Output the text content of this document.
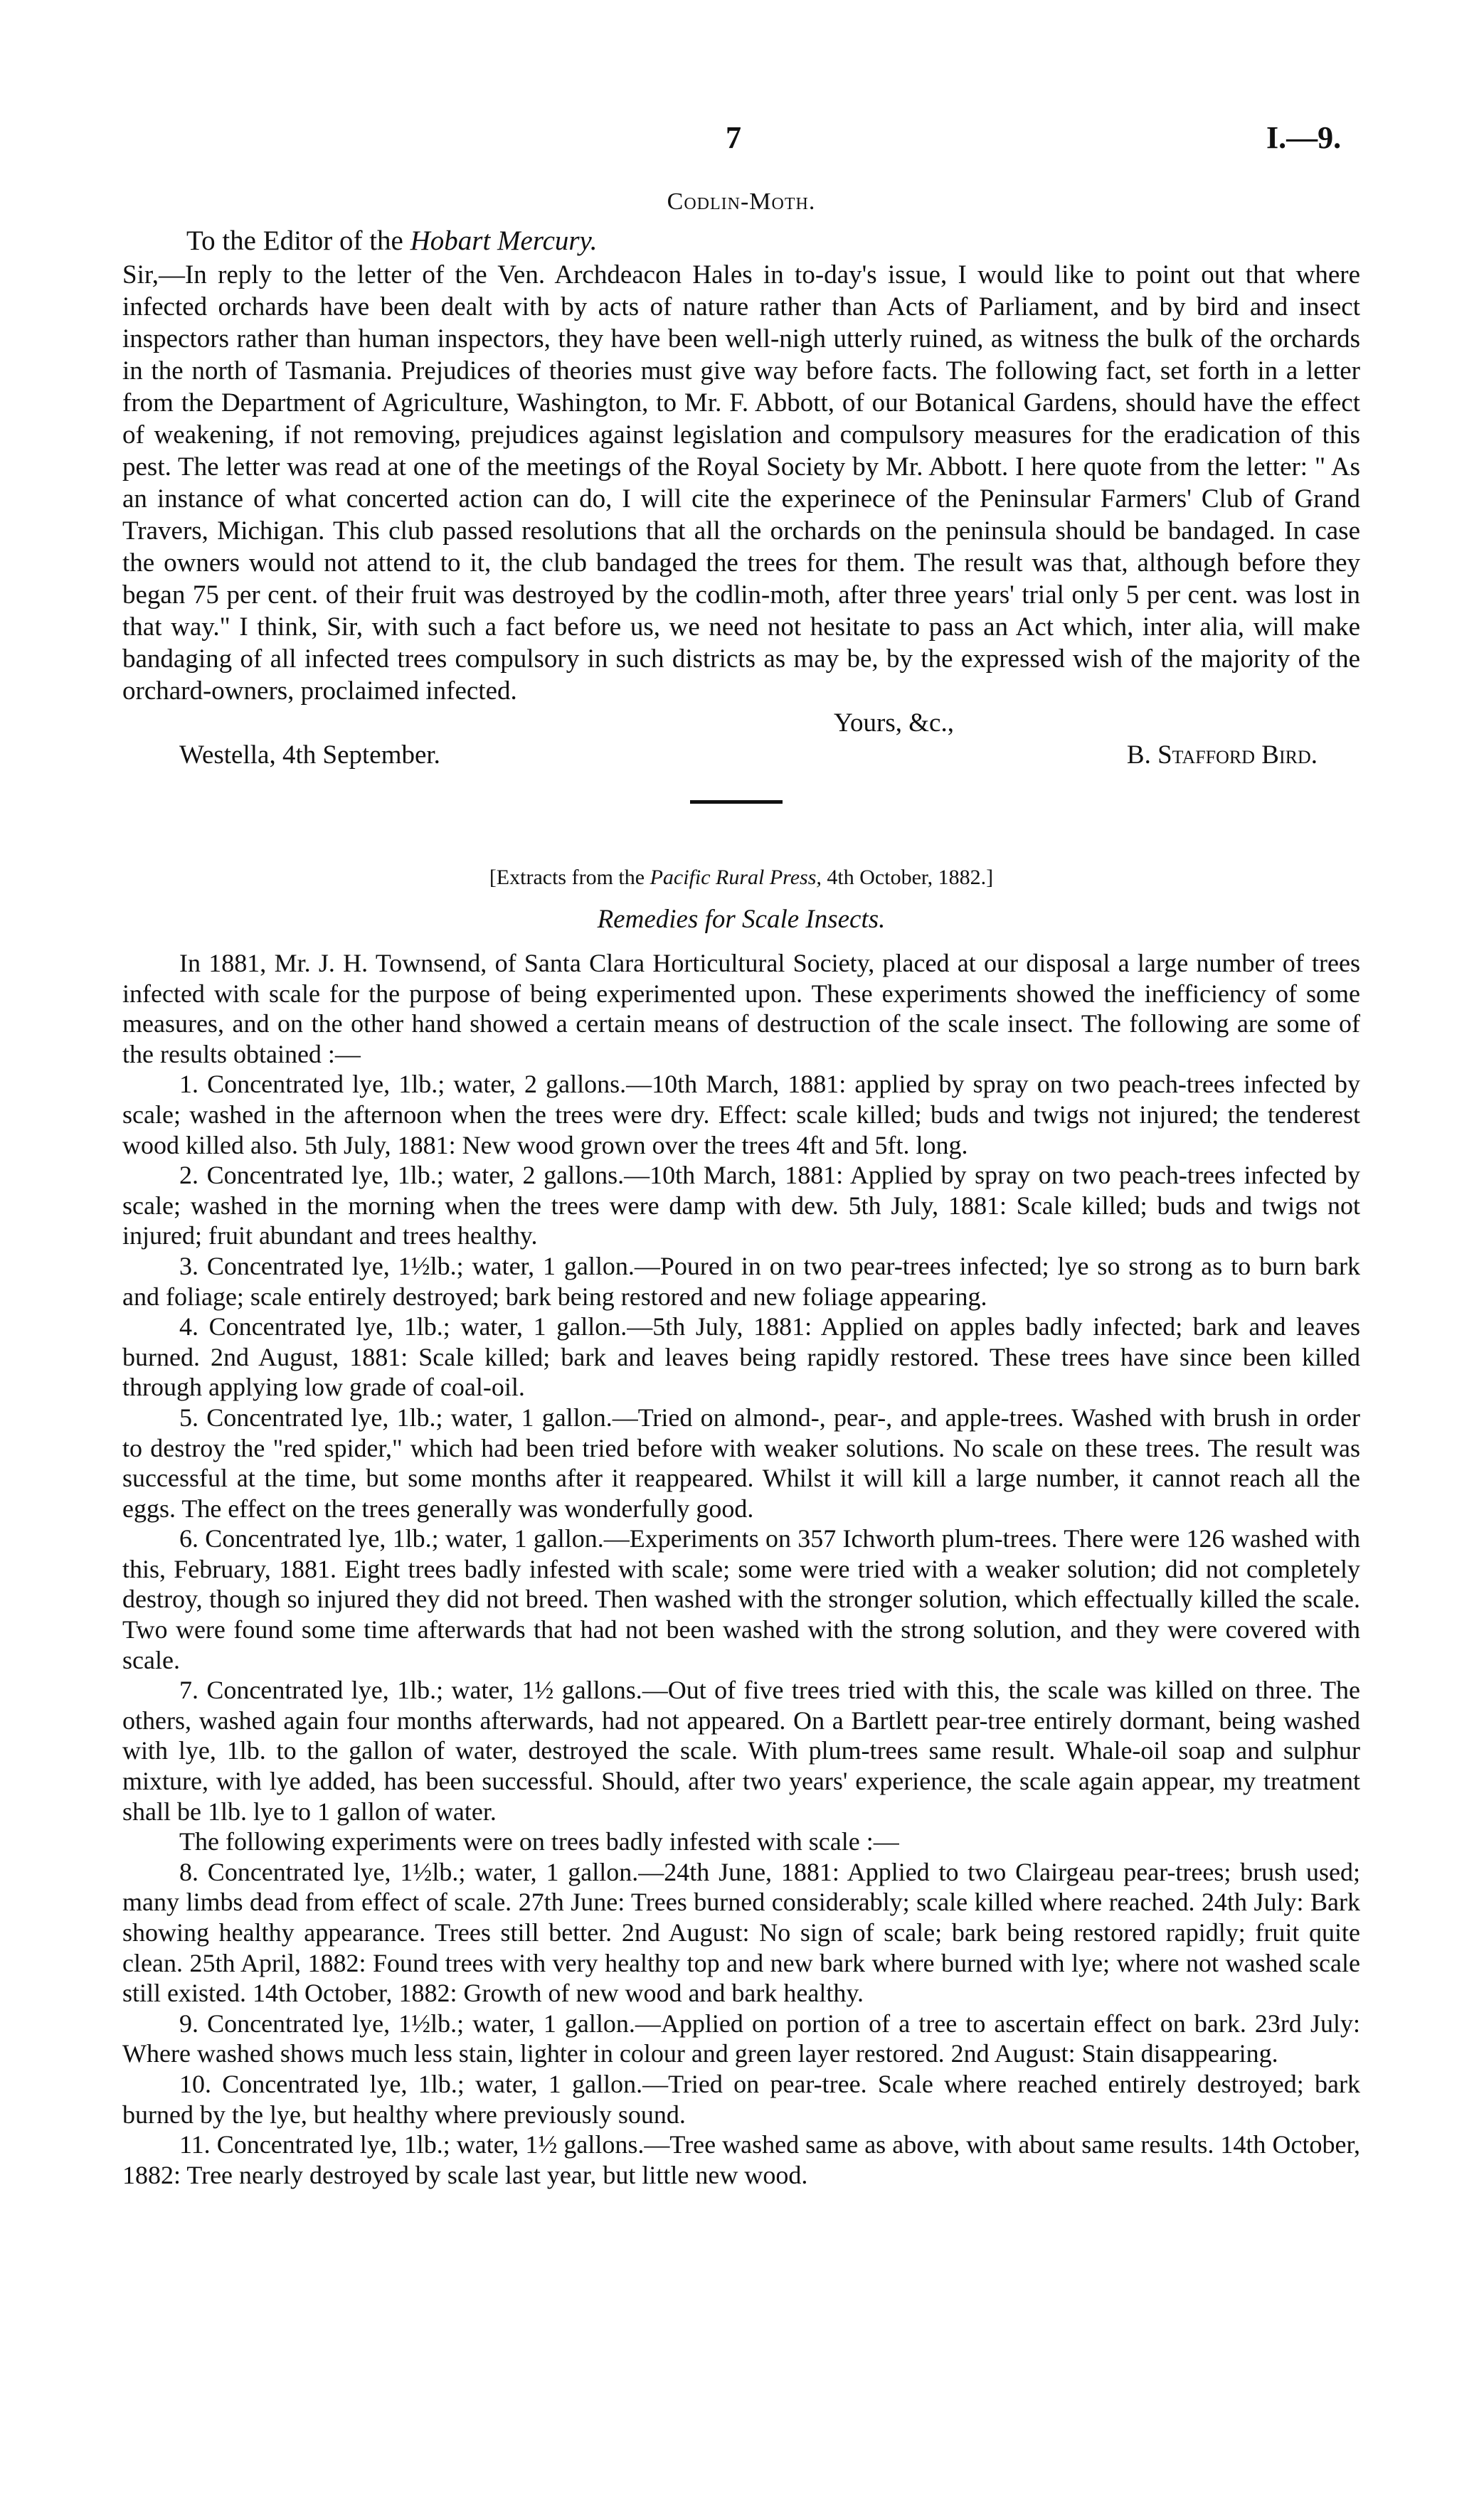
7	I.—9.
Codlin-Moth.

To the Editor of the Hobart Mercury.

Sir,—In reply to the letter of the Ven. Archdeacon Hales in to-day's issue, I would like to point out that where infected orchards have been dealt with by acts of nature rather than Acts of Parliament, and by bird and insect inspectors rather than human inspectors, they have been well-nigh utterly ruined, as witness the bulk of the orchards in the north of Tasmania. Prejudices of theories must give way before facts. The following fact, set forth in a letter from the Department of Agriculture, Washington, to Mr. F. Abbott, of our Botanical Gardens, should have the effect of weakening, if not removing, prejudices against legislation and compulsory measures for the eradication of this pest. The letter was read at one of the meetings of the Royal Society by Mr. Abbott. I here quote from the letter: " As an instance of what concerted action can do, I will cite the experinece of the Peninsular Farmers' Club of Grand Travers, Michigan. This club passed resolutions that all the orchards on the peninsula should be bandaged. In case the owners would not attend to it, the club bandaged the trees for them. The result was that, although before they began 75 per cent. of their fruit was destroyed by the codlin-moth, after three years' trial only 5 per cent. was lost in that way." I think, Sir, with such a fact before us, we need not hesitate to pass an Act which, inter alia, will make bandaging of all infected trees compulsory in such districts as may be, by the expressed wish of the majority of the orchard-owners, proclaimed infected.

Yours, &c.,
Westella, 4th September.	B. Stafford Bird.
[Extracts from the Pacific Rural Press, 4th October, 1882.]
Remedies for Scale Insects.

In 1881, Mr. J. H. Townsend, of Santa Clara Horticultural Society, placed at our disposal a large number of trees infected with scale for the purpose of being experimented upon. These experiments showed the inefficiency of some measures, and on the other hand showed a certain means of destruction of the scale insect. The following are some of the results obtained :—

1. Concentrated lye, 1lb.; water, 2 gallons.—10th March, 1881: applied by spray on two peach-trees infected by scale; washed in the afternoon when the trees were dry. Effect: scale killed; buds and twigs not injured; the tenderest wood killed also. 5th July, 1881: New wood grown over the trees 4ft and 5ft. long.

2. Concentrated lye, 1lb.; water, 2 gallons.—10th March, 1881: Applied by spray on two peach-trees infected by scale; washed in the morning when the trees were damp with dew. 5th July, 1881: Scale killed; buds and twigs not injured; fruit abundant and trees healthy.

3. Concentrated lye, 1½lb.; water, 1 gallon.—Poured in on two pear-trees infected; lye so strong as to burn bark and foliage; scale entirely destroyed; bark being restored and new foliage appearing.

4. Concentrated lye, 1lb.; water, 1 gallon.—5th July, 1881: Applied on apples badly infected; bark and leaves burned. 2nd August, 1881: Scale killed; bark and leaves being rapidly restored. These trees have since been killed through applying low grade of coal-oil.

5. Concentrated lye, 1lb.; water, 1 gallon.—Tried on almond-, pear-, and apple-trees. Washed with brush in order to destroy the "red spider," which had been tried before with weaker solutions. No scale on these trees. The result was successful at the time, but some months after it reappeared. Whilst it will kill a large number, it cannot reach all the eggs. The effect on the trees generally was wonderfully good.

6. Concentrated lye, 1lb.; water, 1 gallon.—Experiments on 357 Ichworth plum-trees. There were 126 washed with this, February, 1881. Eight trees badly infested with scale; some were tried with a weaker solution; did not completely destroy, though so injured they did not breed. Then washed with the stronger solution, which effectually killed the scale. Two were found some time afterwards that had not been washed with the strong solution, and they were covered with scale.

7. Concentrated lye, 1lb.; water, 1½ gallons.—Out of five trees tried with this, the scale was killed on three. The others, washed again four months afterwards, had not appeared. On a Bartlett pear-tree entirely dormant, being washed with lye, 1lb. to the gallon of water, destroyed the scale. With plum-trees same result. Whale-oil soap and sulphur mixture, with lye added, has been successful. Should, after two years' experience, the scale again appear, my treatment shall be 1lb. lye to 1 gallon of water.

The following experiments were on trees badly infested with scale :—

8. Concentrated lye, 1½lb.; water, 1 gallon.—24th June, 1881: Applied to two Clairgeau pear-trees; brush used; many limbs dead from effect of scale. 27th June: Trees burned considerably; scale killed where reached. 24th July: Bark showing healthy appearance. Trees still better. 2nd August: No sign of scale; bark being restored rapidly; fruit quite clean. 25th April, 1882: Found trees with very healthy top and new bark where burned with lye; where not washed scale still existed. 14th October, 1882: Growth of new wood and bark healthy.

9. Concentrated lye, 1½lb.; water, 1 gallon.—Applied on portion of a tree to ascertain effect on bark. 23rd July: Where washed shows much less stain, lighter in colour and green layer restored. 2nd August: Stain disappearing.

10. Concentrated lye, 1lb.; water, 1 gallon.—Tried on pear-tree. Scale where reached entirely destroyed; bark burned by the lye, but healthy where previously sound.

11. Concentrated lye, 1lb.; water, 1½ gallons.—Tree washed same as above, with about same results. 14th October, 1882: Tree nearly destroyed by scale last year, but little new wood.
